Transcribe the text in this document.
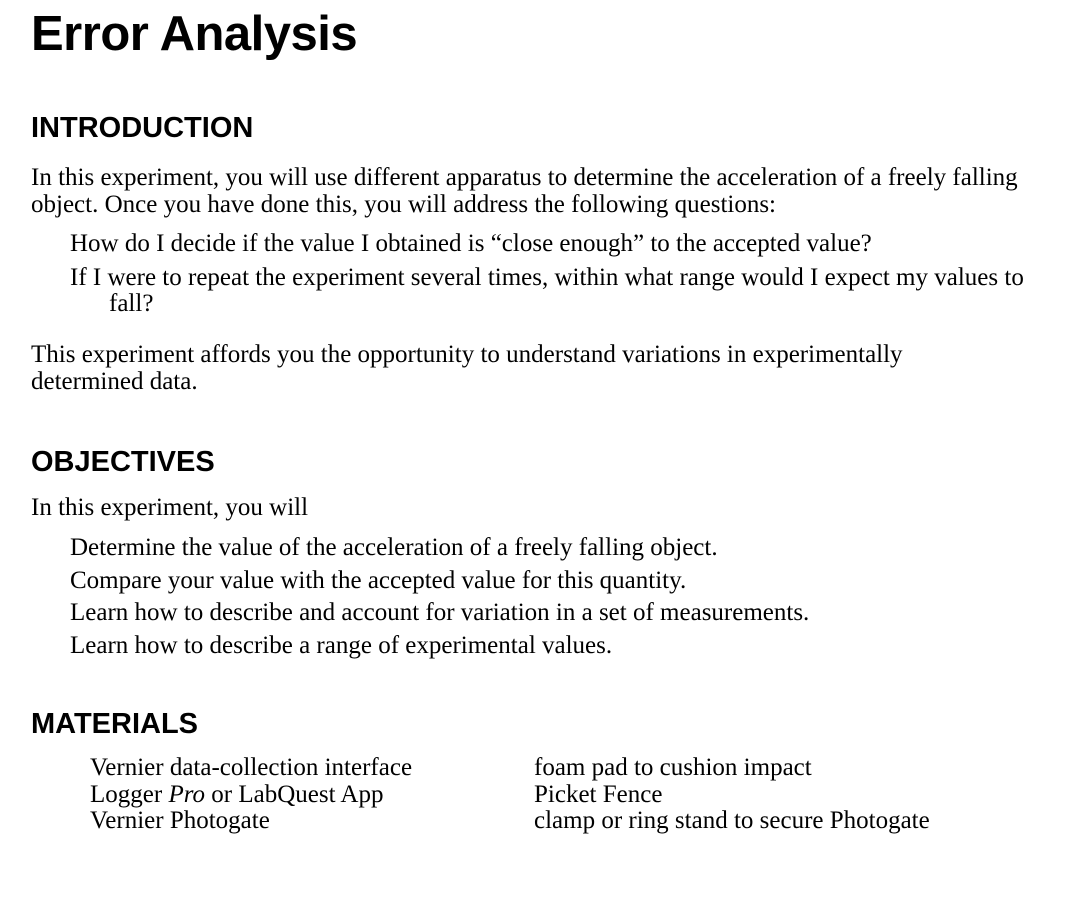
Error Analysis
INTRODUCTION

In this experiment, you will use different apparatus to determine the acceleration of a freely falling object. Once you have done this, you will address the following questions:

How do I decide if the value I obtained is “close enough” to the accepted value?
If I were to repeat the experiment several times, within what range would I expect my values to fall?

This experiment affords you the opportunity to understand variations in experimentally determined data.

OBJECTIVES

In this experiment, you will

Determine the value of the acceleration of a freely falling object.
Compare your value with the accepted value for this quantity.
Learn how to describe and account for variation in a set of measurements.
Learn how to describe a range of experimental values.
MATERIALS
Vernier data-collection interface
Logger Pro or LabQuest App
Vernier Photogate
foam pad to cushion impact
Picket Fence
clamp or ring stand to secure Photogate
